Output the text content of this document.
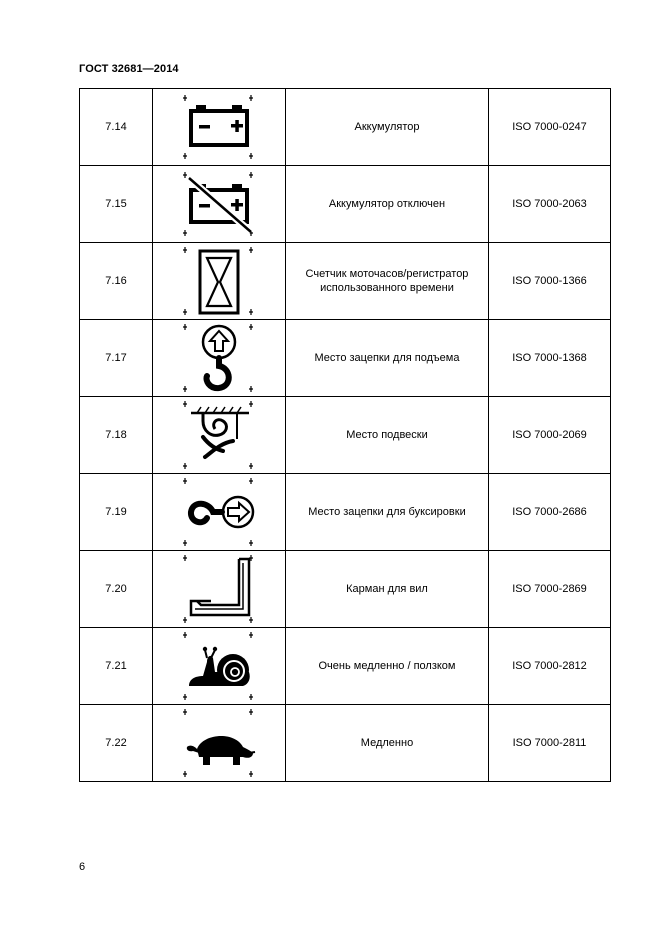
ГОСТ 32681—2014
7.14		Аккумулятор	ISO 7000-0247
7.15		Аккумулятор отключен	ISO 7000-2063
7.16		Счетчик моточасов/регистратор использованного времени	ISO 7000-1366
7.17		Место зацепки для подъема	ISO 7000-1368
7.18		Место подвески	ISO 7000-2069
7.19		Место зацепки для буксировки	ISO 7000-2686
7.20		Карман для вил	ISO 7000-2869
7.21		Очень медленно / ползком	ISO 7000-2812
7.22		Медленно	ISO 7000-2811
6
